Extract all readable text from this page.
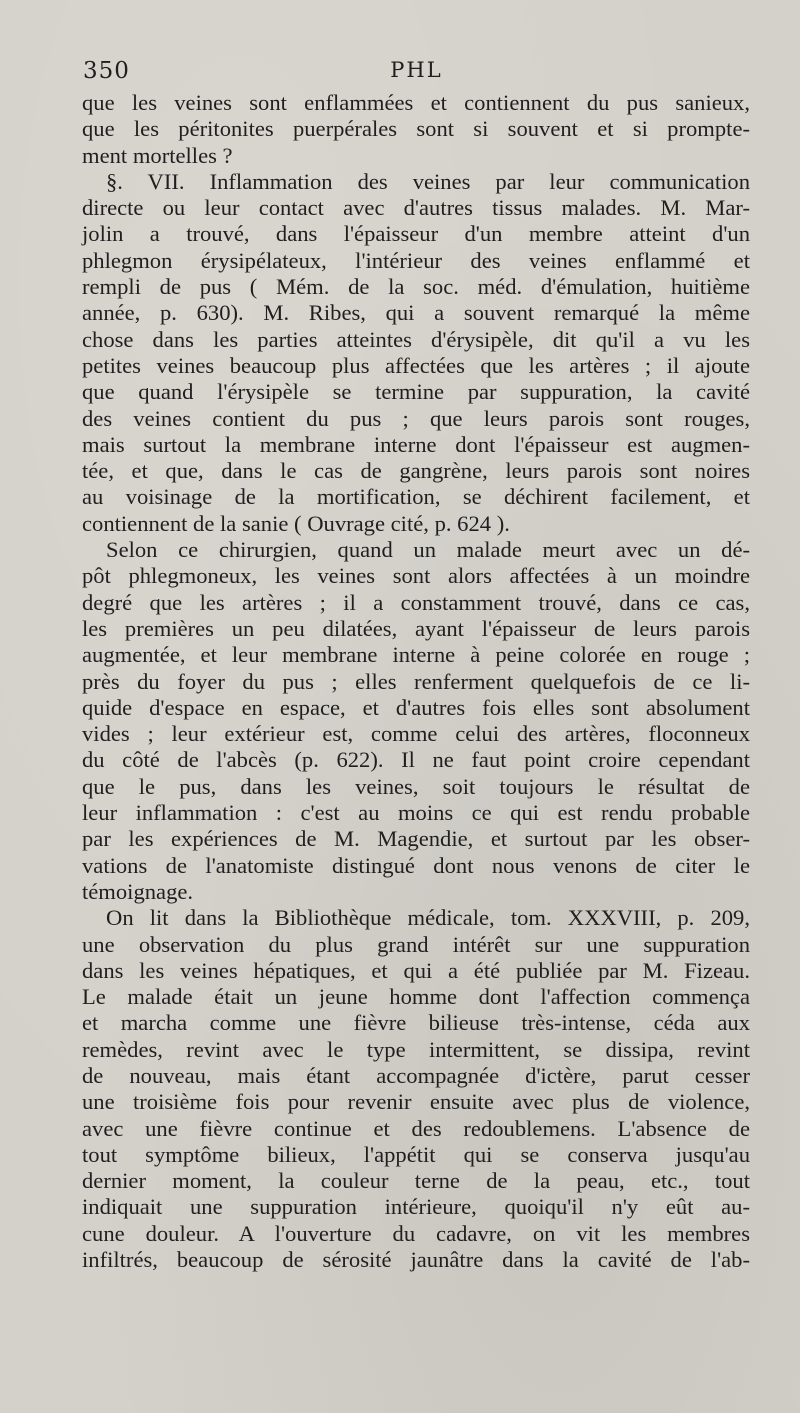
350	PHL
que les veines sont enflammées et contiennent du pus sanieux,
que les péritonites puerpérales sont si souvent et si prompte-
ment mortelles ?
§. VII. Inflammation des veines par leur communication
directe ou leur contact avec d'autres tissus malades. M. Mar-
jolin a trouvé, dans l'épaisseur d'un membre atteint d'un
phlegmon érysipélateux, l'intérieur des veines enflammé et
rempli de pus ( Mém. de la soc. méd. d'émulation, huitième
année, p. 630). M. Ribes, qui a souvent remarqué la même
chose dans les parties atteintes d'érysipèle, dit qu'il a vu les
petites veines beaucoup plus affectées que les artères ; il ajoute
que quand l'érysipèle se termine par suppuration, la cavité
des veines contient du pus ; que leurs parois sont rouges,
mais surtout la membrane interne dont l'épaisseur est augmen-
tée, et que, dans le cas de gangrène, leurs parois sont noires
au voisinage de la mortification, se déchirent facilement, et
contiennent de la sanie ( Ouvrage cité, p. 624 ).
Selon ce chirurgien, quand un malade meurt avec un dé-
pôt phlegmoneux, les veines sont alors affectées à un moindre
degré que les artères ; il a constamment trouvé, dans ce cas,
les premières un peu dilatées, ayant l'épaisseur de leurs parois
augmentée, et leur membrane interne à peine colorée en rouge ;
près du foyer du pus ; elles renferment quelquefois de ce li-
quide d'espace en espace, et d'autres fois elles sont absolument
vides ; leur extérieur est, comme celui des artères, floconneux
du côté de l'abcès (p. 622). Il ne faut point croire cependant
que le pus, dans les veines, soit toujours le résultat de
leur inflammation : c'est au moins ce qui est rendu probable
par les expériences de M. Magendie, et surtout par les obser-
vations de l'anatomiste distingué dont nous venons de citer le
témoignage.
On lit dans la Bibliothèque médicale, tom. XXXVIII, p. 209,
une observation du plus grand intérêt sur une suppuration
dans les veines hépatiques, et qui a été publiée par M. Fizeau.
Le malade était un jeune homme dont l'affection commença
et marcha comme une fièvre bilieuse très-intense, céda aux
remèdes, revint avec le type intermittent, se dissipa, revint
de nouveau, mais étant accompagnée d'ictère, parut cesser
une troisième fois pour revenir ensuite avec plus de violence,
avec une fièvre continue et des redoublemens. L'absence de
tout symptôme bilieux, l'appétit qui se conserva jusqu'au
dernier moment, la couleur terne de la peau, etc., tout
indiquait une suppuration intérieure, quoiqu'il n'y eût au-
cune douleur. A l'ouverture du cadavre, on vit les membres
infiltrés, beaucoup de sérosité jaunâtre dans la cavité de l'ab-
